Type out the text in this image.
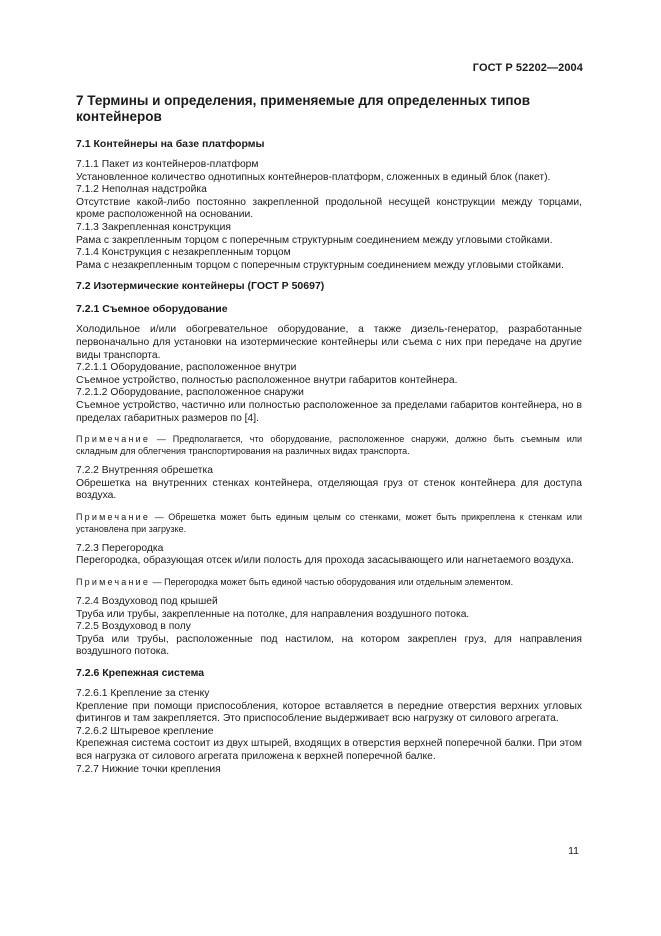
ГОСТ Р 52202—2004
7 Термины и определения, применяемые для определенных типов
контейнеров
7.1 Контейнеры на базе платформы

7.1.1 Пакет из контейнеров-платформ

Установленное количество однотипных контейнеров-платформ, сложенных в единый блок (пакет).

7.1.2 Неполная надстройка

Отсутствие какой-либо постоянно закрепленной продольной несущей конструкции между торцами, кроме расположенной на основании.

7.1.3 Закрепленная конструкция

Рама с закрепленным торцом с поперечным структурным соединением между угловыми стойками.

7.1.4 Конструкция с незакрепленным торцом

Рама с незакрепленным торцом с поперечным структурным соединением между угловыми стойками.

7.2 Изотермические контейнеры (ГОСТ Р 50697)
7.2.1 Съемное оборудование

Холодильное и/или обогревательное оборудование, а также дизель-генератор, разработанные первоначально для установки на изотермические контейнеры или съема с них при передаче на другие виды транспорта.

7.2.1.1 Оборудование, расположенное внутри

Съемное устройство, полностью расположенное внутри габаритов контейнера.

7.2.1.2 Оборудование, расположенное снаружи

Съемное устройство, частично или полностью расположенное за пределами габаритов контейнера, но в пределах габаритных размеров по [4].

Примечание — Предполагается, что оборудование, расположенное снаружи, должно быть съемным или складным для облегчения транспортирования на различных видах транспорта.

7.2.2 Внутренняя обрешетка

Обрешетка на внутренних стенках контейнера, отделяющая груз от стенок контейнера для доступа воздуха.

Примечание — Обрешетка может быть единым целым со стенками, может быть прикреплена к стенкам или установлена при загрузке.

7.2.3 Перегородка

Перегородка, образующая отсек и/или полость для прохода засасывающего или нагнетаемого воздуха.

Примечание — Перегородка может быть единой частью оборудования или отдельным элементом.

7.2.4 Воздуховод под крышей

Труба или трубы, закрепленные на потолке, для направления воздушного потока.

7.2.5 Воздуховод в полу

Труба или трубы, расположенные под настилом, на котором закреплен груз, для направления воздушного потока.

7.2.6 Крепежная система

7.2.6.1 Крепление за стенку

Крепление при помощи приспособления, которое вставляется в передние отверстия верхних угловых фитингов и там закрепляется. Это приспособление выдерживает всю нагрузку от силового агрегата.

7.2.6.2 Штыревое крепление

Крепежная система состоит из двух штырей, входящих в отверстия верхней поперечной балки. При этом вся нагрузка от силового агрегата приложена к верхней поперечной балке.

7.2.7 Нижние точки крепления

11
